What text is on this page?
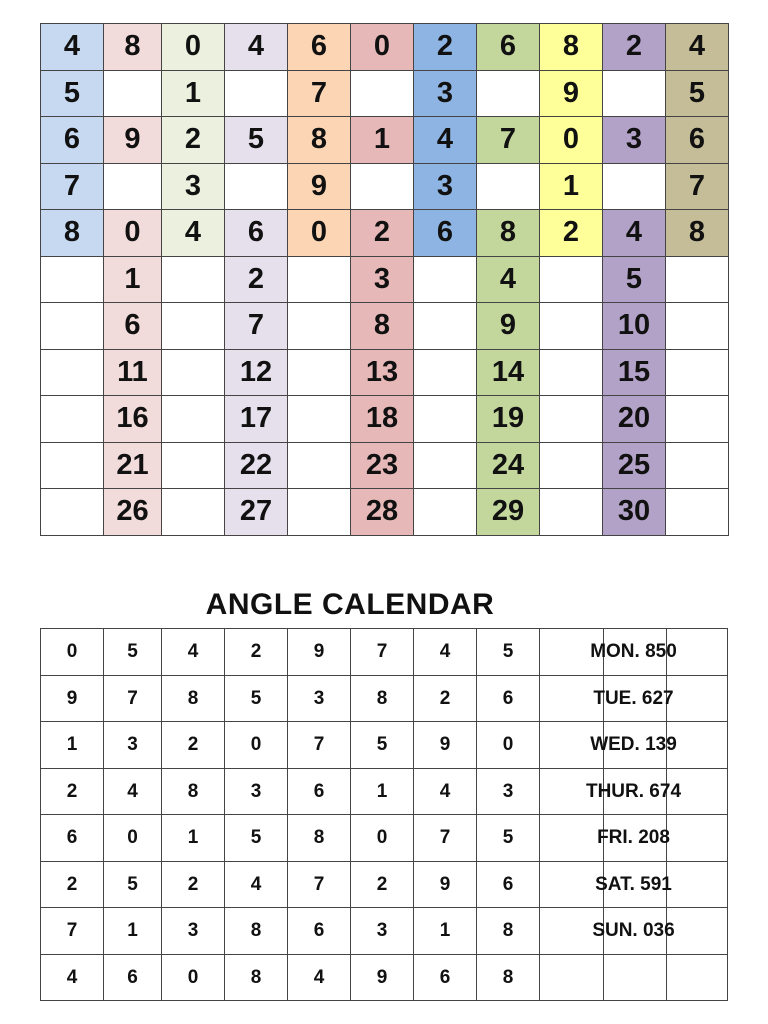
4	8	0	4	6	0	2	6	8	2	4
5		1		7		3		9		5
6	9	2	5	8	1	4	7	0	3	6
7		3		9		3		1		7
8	0	4	6	0	2	6	8	2	4	8
	1		2		3		4		5	
	6		7		8		9		10	
	11		12		13		14		15	
	16		17		18		19		20	
	21		22		23		24		25	
	26		27		28		29		30	
ANGLE CALENDAR
0	5	4	2	9	7	4	5	MON. 850

9	7	8	5	3	8	2	6	TUE. 627

1	3	2	0	7	5	9	0	WED. 139

2	4	8	3	6	1	4	3	THUR. 674

6	0	1	5	8	0	7	5	FRI. 208

2	5	2	4	7	2	9	6	SAT. 591

7	1	3	8	6	3	1	8	SUN. 036

4	6	0	8	4	9	6	8	
